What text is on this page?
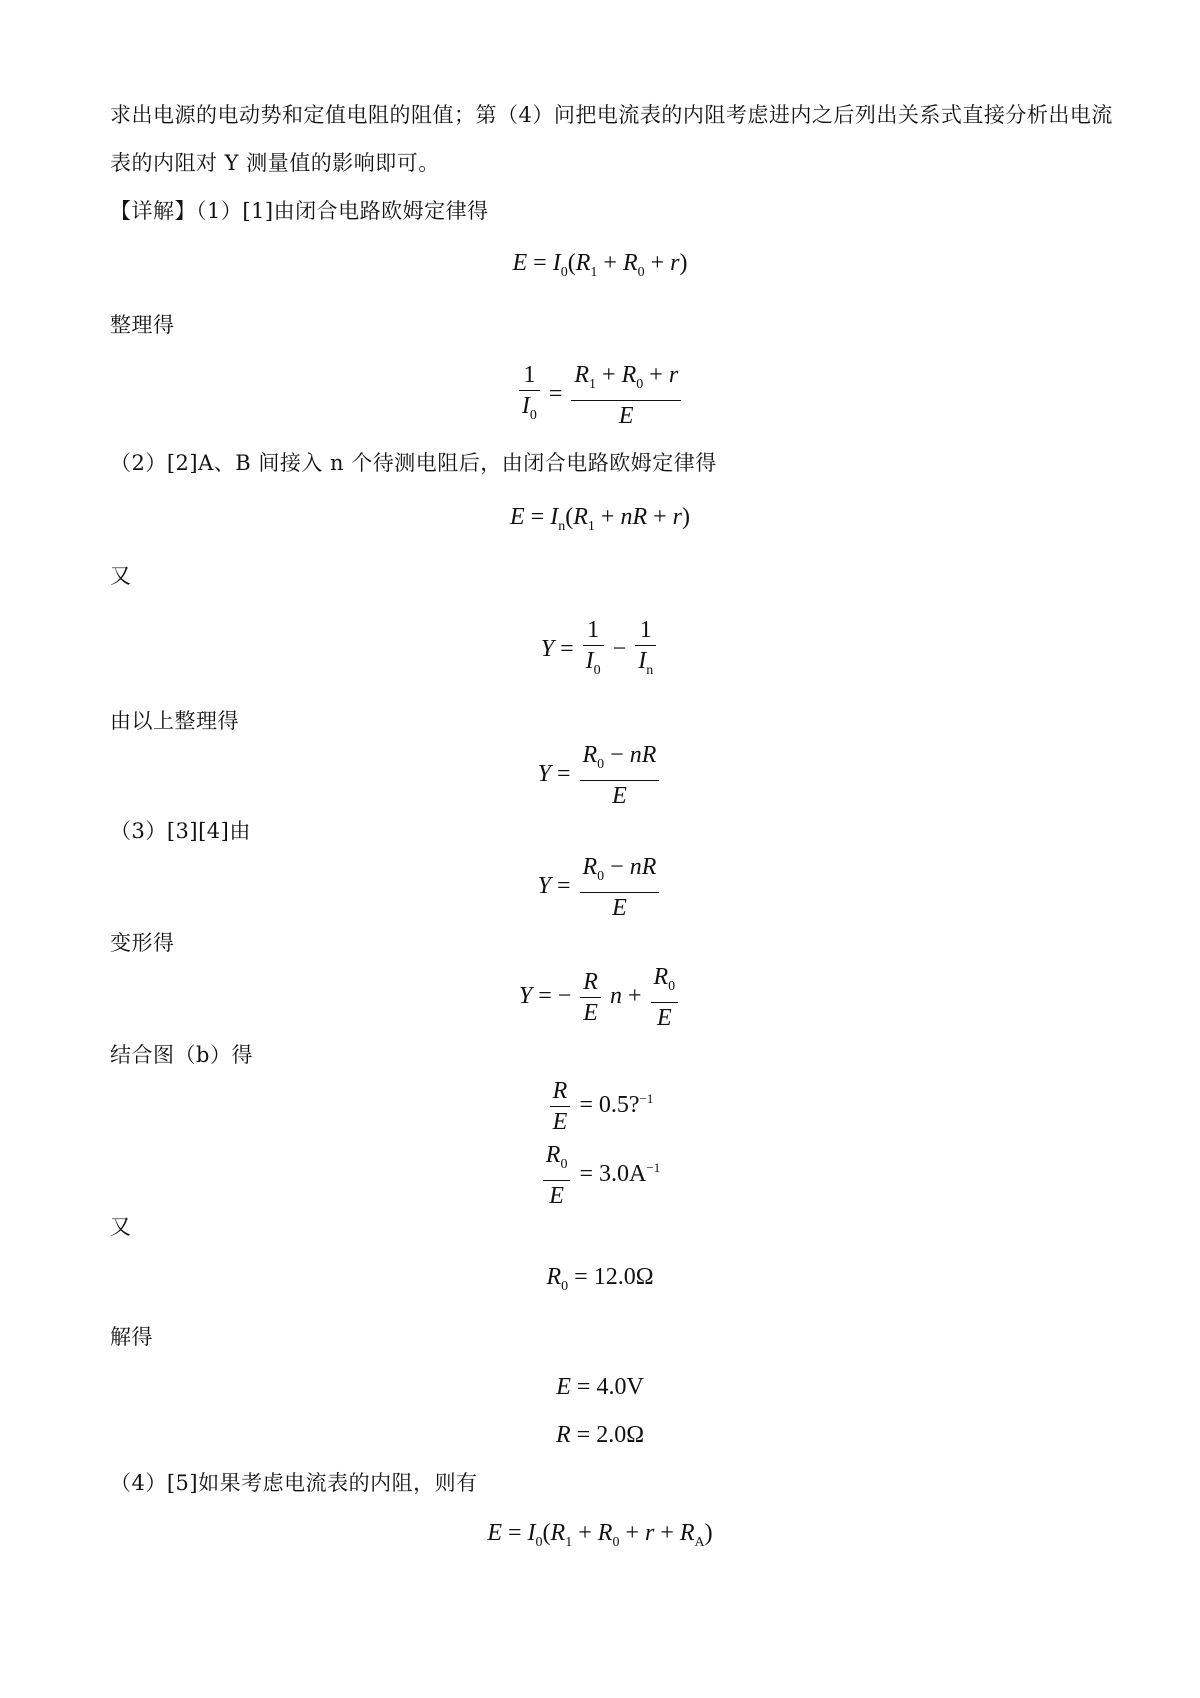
求出电源的电动势和定值电阻的阻值；第（4）问把电流表的内阻考虑进内之后列出关系式直接分析出电流
表的内阻对 Y 测量值的影响即可。
【详解】（1）[1]由闭合电路欧姆定律得
$E = I_0(R_1 + R_0 + r)$
整理得
$\frac{1}{I_0} = \frac{R_1 + R_0 + r}{E}$
（2）[2]A、B 间接入 n 个待测电阻后，由闭合电路欧姆定律得
$E = I_n(R_1$ + nR + r)
又
$Y = \frac{1}{I_0} - \frac{1}{I_n}$
由以上整理得
$Y = \frac{R_0 - nR}{E}$
（3）[3][4]由
$Y = \frac{R_0 - nR}{E}$
变形得
Y = − $\frac{R}{E}$ $n + \frac{R_0}{E}$
结合图（b）得
$\frac{R}{E}$ = 0.5?$^{-1}$
$\frac{R_0}{E} = 3.0A^{-1}$
又
$R_0 = 12.0\Omega$
解得
E = 4.0V
R = 2.0Ω
（4）[5]如果考虑电流表的内阻，则有
$E = I_0(R_1 + R_0 + r + R_A)$
